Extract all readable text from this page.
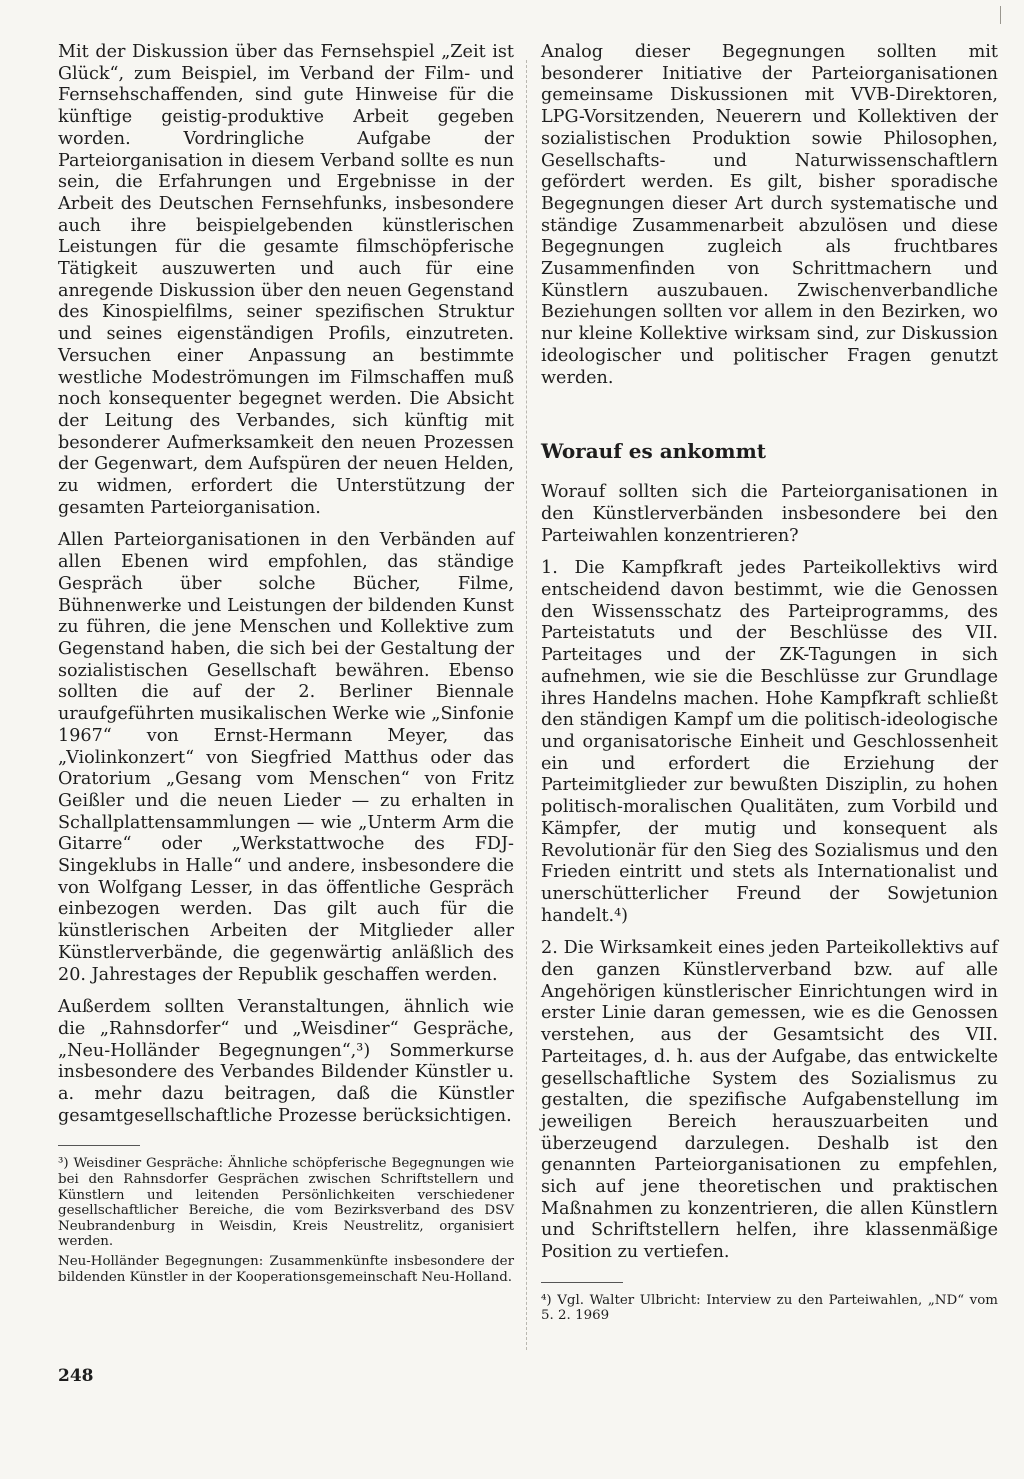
Mit der Diskussion über das Fernsehspiel „Zeit ist Glück“, zum Beispiel, im Verband der Film- und Fernsehschaffenden, sind gute Hinweise für die künftige geistig-produktive Arbeit gegeben worden. Vordringliche Aufgabe der Parteiorganisation in diesem Verband sollte es nun sein, die Erfahrungen und Ergebnisse in der Arbeit des Deutschen Fernsehfunks, insbesondere auch ihre beispielgebenden künstlerischen Leistungen für die gesamte filmschöpferische Tätigkeit auszuwerten und auch für eine anregende Diskussion über den neuen Gegenstand des Kinospielfilms, seiner spezifischen Struktur und seines eigenständigen Profils, einzutreten. Versuchen einer Anpassung an bestimmte westliche Modeströmungen im Filmschaffen muß noch konsequenter begegnet werden. Die Absicht der Leitung des Verbandes, sich künftig mit besonderer Aufmerksamkeit den neuen Prozessen der Gegenwart, dem Aufspüren der neuen Helden, zu widmen, erfordert die Unterstützung der gesamten Parteiorganisation.

Allen Parteiorganisationen in den Verbänden auf allen Ebenen wird empfohlen, das ständige Gespräch über solche Bücher, Filme, Bühnenwerke und Leistungen der bildenden Kunst zu führen, die jene Menschen und Kollektive zum Gegenstand haben, die sich bei der Gestaltung der sozialistischen Gesellschaft bewähren. Ebenso sollten die auf der 2. Berliner Biennale uraufgeführten musikalischen Werke wie „Sinfonie 1967“ von Ernst-Hermann Meyer, das „Violinkonzert“ von Siegfried Matthus oder das Oratorium „Gesang vom Menschen“ von Fritz Geißler und die neuen Lieder — zu erhalten in Schallplattensammlungen — wie „Unterm Arm die Gitarre“ oder „Werkstattwoche des FDJ-Singeklubs in Halle“ und andere, insbesondere die von Wolfgang Lesser, in das öffentliche Gespräch einbezogen werden. Das gilt auch für die künstlerischen Arbeiten der Mitglieder aller Künstlerverbände, die gegenwärtig anläßlich des 20. Jahrestages der Republik geschaffen werden.

Außerdem sollten Veranstaltungen, ähnlich wie die „Rahnsdorfer“ und „Weisdiner“ Gespräche, „Neu-Holländer Begegnungen“,³) Sommerkurse insbesondere des Verbandes Bildender Künstler u. a. mehr dazu beitragen, daß die Künstler gesamtgesellschaftliche Prozesse berücksichtigen.

³) Weisdiner Gespräche: Ähnliche schöpferische Begegnungen wie bei den Rahnsdorfer Gesprächen zwischen Schriftstellern und Künstlern und leitenden Persönlichkeiten verschiedener gesellschaftlicher Bereiche, die vom Bezirksverband des DSV Neubrandenburg in Weisdin, Kreis Neustrelitz, organisiert werden.

Neu-Holländer Begegnungen: Zusammenkünfte insbesondere der bildenden Künstler in der Kooperationsgemeinschaft Neu-Holland.

Analog dieser Begegnungen sollten mit besonderer Initiative der Parteiorganisationen gemeinsame Diskussionen mit VVB-Direktoren, LPG-Vorsitzenden, Neuerern und Kollektiven der sozialistischen Produktion sowie Philosophen, Gesellschafts- und Naturwissenschaftlern gefördert werden. Es gilt, bisher sporadische Begegnungen dieser Art durch systematische und ständige Zusammenarbeit abzulösen und diese Begegnungen zugleich als fruchtbares Zusammenfinden von Schrittmachern und Künstlern auszubauen. Zwischenverbandliche Beziehungen sollten vor allem in den Bezirken, wo nur kleine Kollektive wirksam sind, zur Diskussion ideologischer und politischer Fragen genutzt werden.

Worauf es ankommt

Worauf sollten sich die Parteiorganisationen in den Künstlerverbänden insbesondere bei den Parteiwahlen konzentrieren?

1. Die Kampfkraft jedes Parteikollektivs wird entscheidend davon bestimmt, wie die Genossen den Wissensschatz des Parteiprogramms, des Parteistatuts und der Beschlüsse des VII. Parteitages und der ZK-Tagungen in sich aufnehmen, wie sie die Beschlüsse zur Grundlage ihres Handelns machen. Hohe Kampfkraft schließt den ständigen Kampf um die politisch-ideologische und organisatorische Einheit und Geschlossenheit ein und erfordert die Erziehung der Parteimitglieder zur bewußten Disziplin, zu hohen politisch-moralischen Qualitäten, zum Vorbild und Kämpfer, der mutig und konsequent als Revolutionär für den Sieg des Sozialismus und den Frieden eintritt und stets als Internationalist und unerschütterlicher Freund der Sowjetunion handelt.⁴)

2. Die Wirksamkeit eines jeden Parteikollektivs auf den ganzen Künstlerverband bzw. auf alle Angehörigen künstlerischer Einrichtungen wird in erster Linie daran gemessen, wie es die Genossen verstehen, aus der Gesamtsicht des VII. Parteitages, d. h. aus der Aufgabe, das entwickelte gesellschaftliche System des Sozialismus zu gestalten, die spezifische Aufgabenstellung im jeweiligen Bereich herauszuarbeiten und überzeugend darzulegen. Deshalb ist den genannten Parteiorganisationen zu empfehlen, sich auf jene theoretischen und praktischen Maßnahmen zu konzentrieren, die allen Künstlern und Schriftstellern helfen, ihre klassenmäßige Position zu vertiefen.

⁴) Vgl. Walter Ulbricht: Interview zu den Parteiwahlen, „ND“ vom 5. 2. 1969

248
